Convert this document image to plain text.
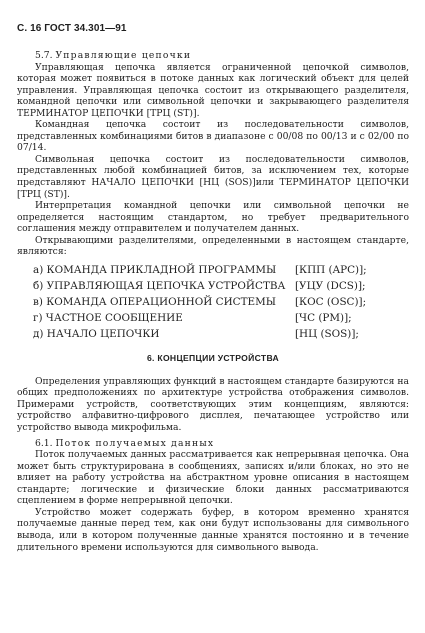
С. 16 ГОСТ 34.301—91
5.7. Управляющие цепочки

Управляющая цепочка является ограниченной цепочкой символов, которая может появиться в потоке данных как логический объект для целей управления. Управляющая цепочка состоит из открывающего разделителя, командной цепочки или символьной цепочки и закрывающего разделителя ТЕРМИНАТОР ЦЕПОЧКИ [ТРЦ (ST)].

Командная цепочка состоит из последовательности символов, представленных комбинациями битов в диапазоне с 00/08 по 00/13 и с 02/00 по 07/14.

Символьная цепочка состоит из последовательности символов, представленных любой комбинацией битов, за исключением тех, которые представляют НАЧАЛО ЦЕПОЧКИ [НЦ (SOS)]или ТЕРМИНАТОР ЦЕПОЧКИ [ТРЦ (ST)].

Интерпретация командной цепочки или символьной цепочки не определяется настоящим стандартом, но требует предварительного соглашения между отправителем и получателем данных.

Открывающими разделителями, определенными в настоящем стандарте, являются:

а) КОМАНДА ПРИКЛАДНОЙ ПРОГРАММЫ [КПП (APC)];
б) УПРАВЛЯЮЩАЯ ЦЕПОЧКА УСТРОЙСТВА [УЦУ (DCS)];
в) КОМАНДА ОПЕРАЦИОННОЙ СИСТЕМЫ [КОС (OSC)];
г) ЧАСТНОЕ СООБЩЕНИЕ	[ЧС (PM)];
д) НАЧАЛО ЦЕПОЧКИ	[НЦ (SOS)];
6. КОНЦЕПЦИИ УСТРОЙСТВА

Определения управляющих функций в настоящем стандарте базируются на общих предположениях по архитектуре устройства отображения символов. Примерами устройств, соответствующих этим концепциям, являются: устройство алфавитно-цифрового дисплея, печатающее устройство или устройство вывода микрофильма.

6.1. Поток получаемых данных

Поток получаемых данных рассматривается как непрерывная цепочка. Она может быть структурирована в сообщениях, записях и/или блоках, но это не влияет на работу устройства на абстрактном уровне описания в настоящем стандарте; логические и физические блоки данных рассматриваются сцеплением в форме непрерывной цепочки.

Устройство может содержать буфер, в котором временно хранятся получаемые данные перед тем, как они будут использованы для символьного вывода, или в котором полученные данные хранятся постоянно и в течение длительного времени используются для символьного вывода.
